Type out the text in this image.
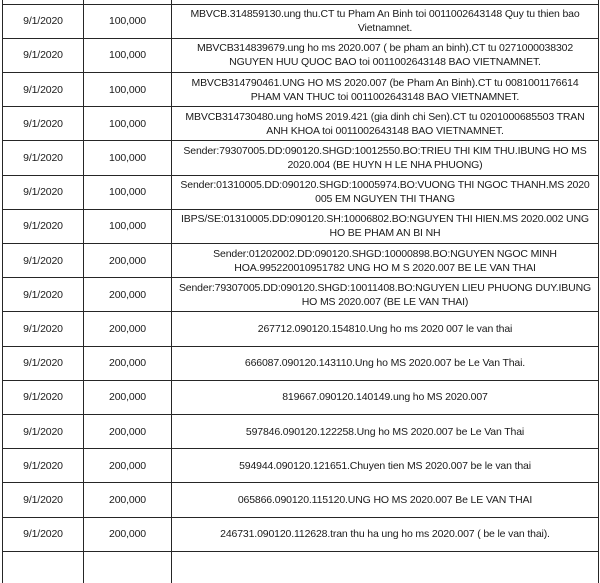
9/1/2020	100,000	MBVCB.314859130.ung thu.CT tu Pham An Binh toi 0011002643148 Quy tu thien bao Vietnamnet.
9/1/2020	100,000	MBVCB314839679.ung ho ms 2020.007 ( be pham an binh).CT tu 0271000038302 NGUYEN HUU QUOC BAO toi 0011002643148 BAO VIETNAMNET.
9/1/2020	100,000	MBVCB314790461.UNG HO MS 2020.007 (be Pham An Binh).CT tu 0081001176614 PHAM VAN THUC toi 0011002643148 BAO VIETNAMNET.
9/1/2020	100,000	MBVCB314730480.ung hoMS 2019.421 (gia dinh chi Sen).CT tu 0201000685503 TRAN ANH KHOA toi 0011002643148 BAO VIETNAMNET.
9/1/2020	100,000	Sender:79307005.DD:090120.SHGD:10012550.BO:TRIEU THI KIM THU.IBUNG HO MS 2020.004 (BE HUYN H LE NHA PHUONG)
9/1/2020	100,000	Sender:01310005.DD:090120.SHGD:10005974.BO:VUONG THI NGOC THANH.MS 2020 005 EM NGUYEN THI THANG
9/1/2020	100,000	IBPS/SE:01310005.DD:090120.SH:10006802.BO:NGUYEN THI HIEN.MS 2020.002 UNG HO BE PHAM AN BI NH
9/1/2020	200,000	Sender:01202002.DD:090120.SHGD:10000898.BO:NGUYEN NGOC MINH HOA.995220010951782 UNG HO M S 2020.007 BE LE VAN THAI
9/1/2020	200,000	Sender:79307005.DD:090120.SHGD:10011408.BO:NGUYEN LIEU PHUONG DUY.IBUNG HO MS 2020.007 (BE LE VAN THAI)
9/1/2020	200,000	267712.090120.154810.Ung ho ms 2020 007 le van thai
9/1/2020	200,000	666087.090120.143110.Ung ho MS 2020.007 be Le Van Thai.
9/1/2020	200,000	819667.090120.140149.ung ho MS 2020.007
9/1/2020	200,000	597846.090120.122258.Ung ho MS 2020.007 be Le Van Thai
9/1/2020	200,000	594944.090120.121651.Chuyen tien MS 2020.007 be le van thai
9/1/2020	200,000	065866.090120.115120.UNG HO MS 2020.007 Be LE VAN THAI
9/1/2020	200,000	246731.090120.112628.tran thu ha ung ho ms 2020.007 ( be le van thai).
